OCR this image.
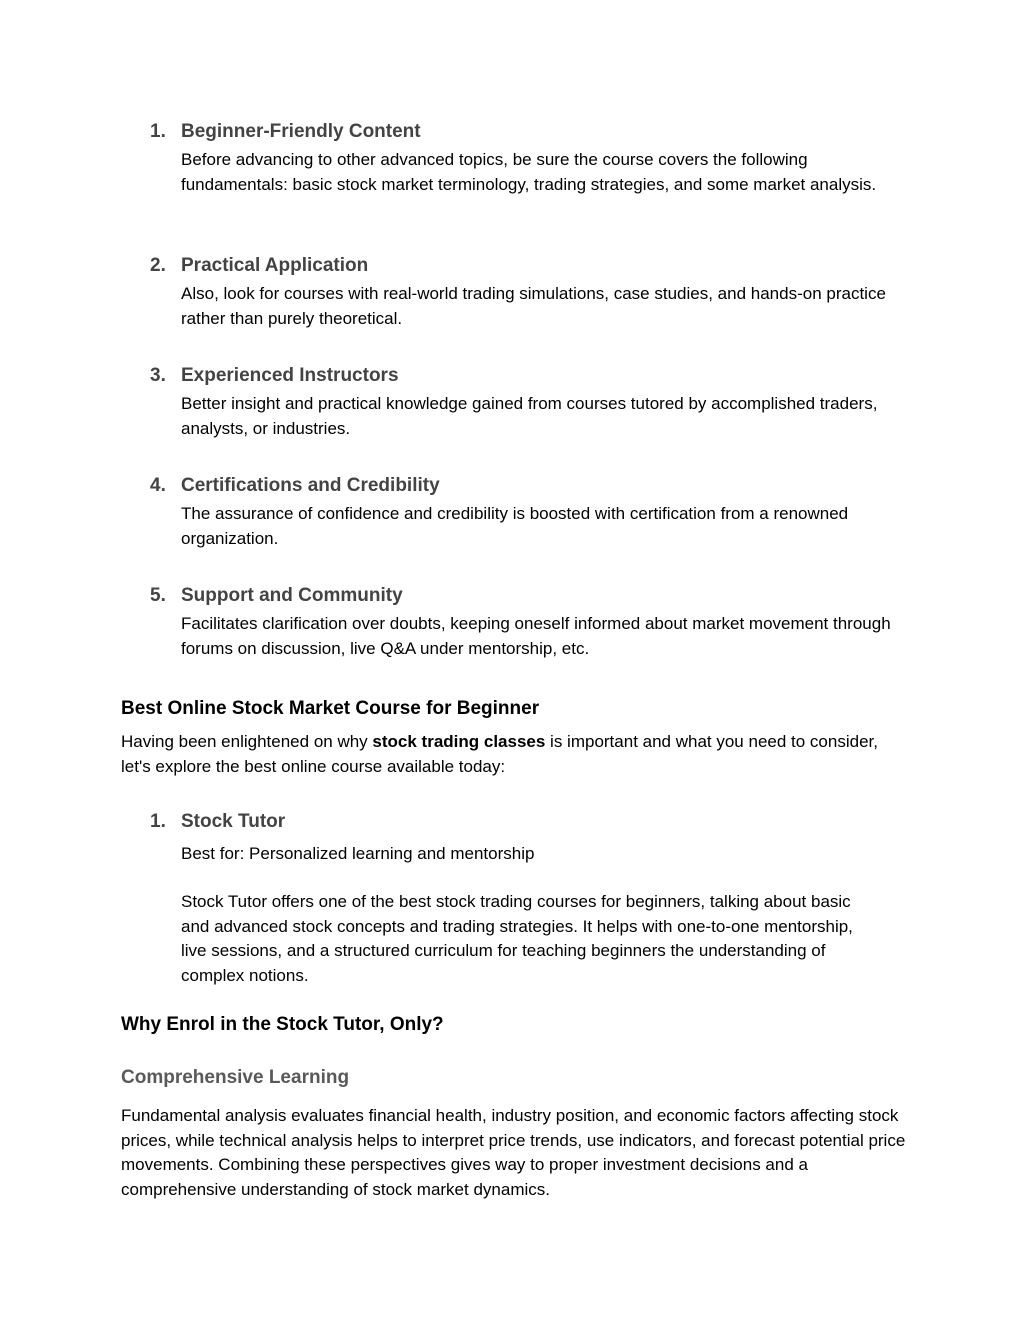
1. Beginner-Friendly Content
Before advancing to other advanced topics, be sure the course covers the following fundamentals: basic stock market terminology, trading strategies, and some market analysis.
2. Practical Application
Also, look for courses with real-world trading simulations, case studies, and hands-on practice rather than purely theoretical.
3. Experienced Instructors
Better insight and practical knowledge gained from courses tutored by accomplished traders, analysts, or industries.
4. Certifications and Credibility
The assurance of confidence and credibility is boosted with certification from a renowned organization.
5. Support and Community
Facilitates clarification over doubts, keeping oneself informed about market movement through forums on discussion, live Q&A under mentorship, etc.
Best Online Stock Market Course for Beginner
Having been enlightened on why stock trading classes is important and what you need to consider, let's explore the best online course available today:
1. Stock Tutor
Best for: Personalized learning and mentorship
Stock Tutor offers one of the best stock trading courses for beginners, talking about basic and advanced stock concepts and trading strategies. It helps with one-to-one mentorship, live sessions, and a structured curriculum for teaching beginners the understanding of complex notions.
Why Enrol in the Stock Tutor, Only?
Comprehensive Learning
Fundamental analysis evaluates financial health, industry position, and economic factors affecting stock prices, while technical analysis helps to interpret price trends, use indicators, and forecast potential price movements. Combining these perspectives gives way to proper investment decisions and a comprehensive understanding of stock market dynamics.
